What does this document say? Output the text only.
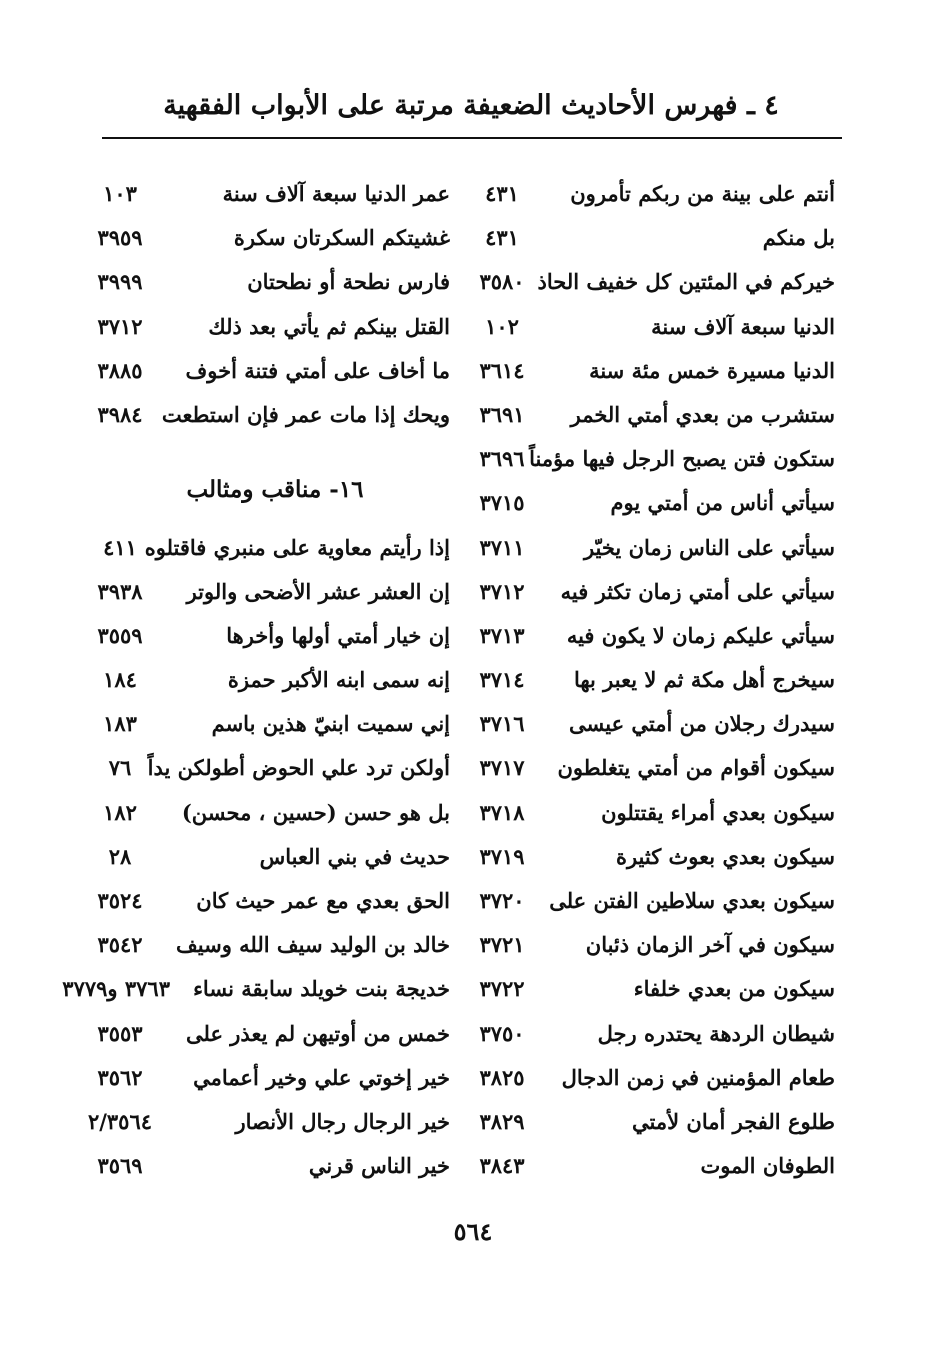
٤ ـ فهرس الأحاديث الضعيفة مرتبة على الأبواب الفقهية
أنتم على بينة من ربكم تأمرون
٤٣١
بل منكم
٤٣١
خيركم في المئتين كل خفيف الحاذ
٣٥٨٠
الدنيا سبعة آلاف سنة
١٠٢
الدنيا مسيرة خمس مئة سنة
٣٦١٤
ستشرب من بعدي أمتي الخمر
٣٦٩١
ستكون فتن يصبح الرجل فيها مؤمناً
٣٦٩٦
سيأتي أناس من أمتي يوم
٣٧١٥
سيأتي على الناس زمان يخيّر
٣٧١١
سيأتي على أمتي زمان تكثر فيه
٣٧١٢
سيأتي عليكم زمان لا يكون فيه
٣٧١٣
سيخرج أهل مكة ثم لا يعبر بها
٣٧١٤
سيدرك رجلان من أمتي عيسى
٣٧١٦
سيكون أقوام من أمتي يتغلطون
٣٧١٧
سيكون بعدي أمراء يقتتلون
٣٧١٨
سيكون بعدي بعوث كثيرة
٣٧١٩
سيكون بعدي سلاطين الفتن على
٣٧٢٠
سيكون في آخر الزمان ذئبان
٣٧٢١
سيكون من بعدي خلفاء
٣٧٢٢
شيطان الردهة يحتدره رجل
٣٧٥٠
طعام المؤمنين في زمن الدجال
٣٨٢٥
طلوع الفجر أمان لأمتي
٣٨٢٩
الطوفان الموت
٣٨٤٣
عمر الدنيا سبعة آلاف سنة
١٠٣
غشيتكم السكرتان سكرة
٣٩٥٩
فارس نطحة أو نطحتان
٣٩٩٩
القتل بينكم ثم يأتي بعد ذلك
٣٧١٢
ما أخاف على أمتي فتنة أخوف
٣٨٨٥
ويحك إذا مات عمر فإن استطعت
٣٩٨٤
إذا رأيتم معاوية على منبري فاقتلوه
٤١١
إن العشر عشر الأضحى والوتر
٣٩٣٨
إن خيار أمتي أولها وأخرها
٣٥٥٩
إنه سمى ابنه الأكبر حمزة
١٨٤
إني سميت ابنيّ هذين باسم
١٨٣
أولكن ترد علي الحوض أطولكن يداً
٧٦
بل هو حسن (حسين ، محسن)
١٨٢
حديث في بني العباس
٢٨
الحق بعدي مع عمر حيث كان
٣٥٢٤
خالد بن الوليد سيف الله وسيف
٣٥٤٢
خديجة بنت خويلد سابقة نساء
٣٧٦٣ و٣٧٧٩
خمس من أوتيهن لم يعذر على
٣٥٥٣
خير إخوتي علي وخير أعمامي
٣٥٦٢
خير الرجال رجال الأنصار
٢/٣٥٦٤
خير الناس قرني
٣٥٦٩
١٦- مناقب ومثالب
٥٦٤
